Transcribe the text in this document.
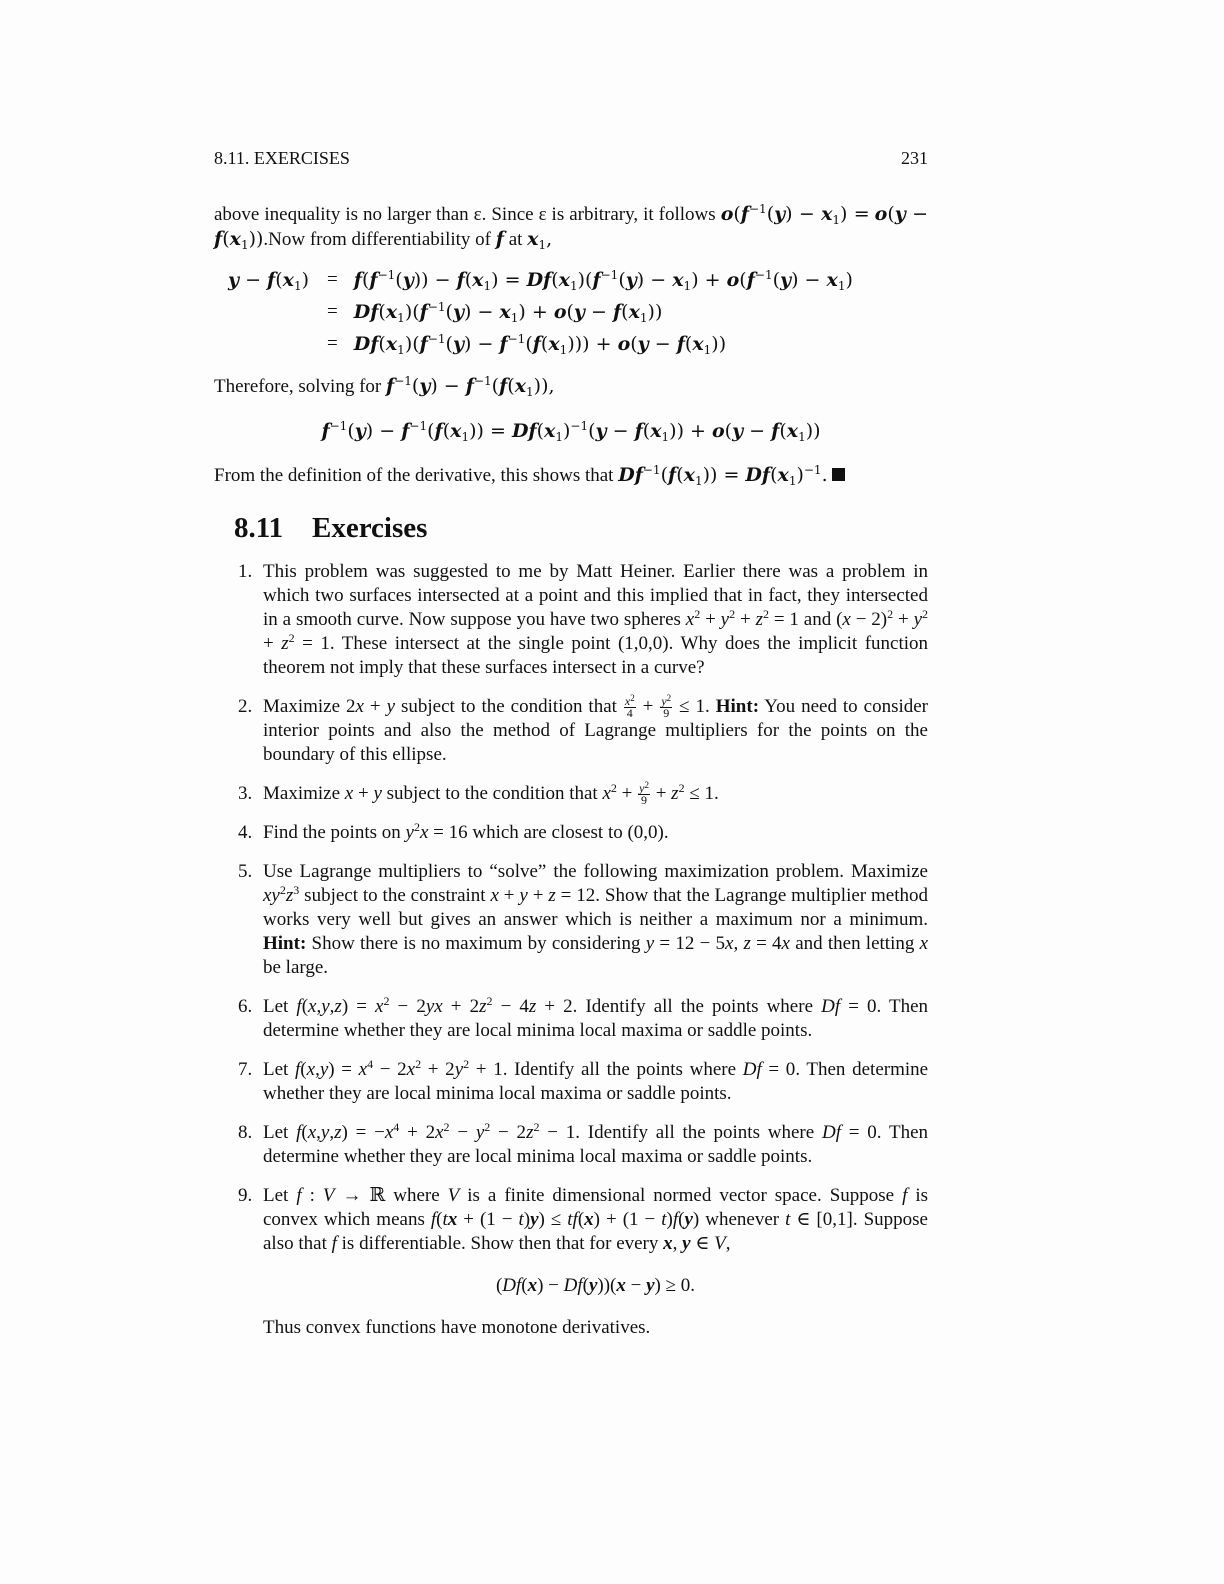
8.11. EXERCISES	231

above inequality is no larger than ε. Since ε is arbitrary, it follows $o(f^{-1}(y) - x_1) = o(y - f(x_1)).Now$ from differentiability of f at $x_1$,

$y - f(x_1)$	=	$f(f^{-1}(y)) - f(x_1) = Df(x_1)(f^{-1}(y) - x_1) + o(f^{-1}(y) - x_1)$
	=	$Df(x_1)(f^{-1}(y) - x_1) + o(y - f(x_1))$
	=	$Df(x_1)(f^{-1}(y) - f^{-1}(f(x_1))) + o(y - f(x_1))$

Therefore, solving for $f^{-1}(y) - f^{-1}(f(x_1))$,

$f^{-1}(y) - f^{-1}(f(x_1)) = Df(x_1)^{-1}(y - f(x_1)) + o(y - f(x_1))$

From the definition of the derivative, this shows that $Df^{-1}(f(x_1)) = Df(x_1)^{-1}$.

8.11 Exercises
1. This problem was suggested to me by Matt Heiner. Earlier there was a problem in which two surfaces intersected at a point and this implied that in fact, they intersected in a smooth curve. Now suppose you have two spheres $x^2 + y^2 + z^2 = 1$ and $(x - 2)^2 + y^2 + z^2 = 1$. These intersect at the single point (1,0,0). Why does the implicit function theorem not imply that these surfaces intersect in a curve?
2. Maximize 2x + y subject to the condition that $\frac{x^2}{4} + \frac{y^2}{9} \le 1$. Hint: You need to consider interior points and also the method of Lagrange multipliers for the points on the boundary of this ellipse.
3. Maximize x + y subject to the condition that $x^2 + \frac{y^2}{9} + z^2 \le 1$.
4. Find the points on $y^2x = 16$ which are closest to (0,0).
5. Use Lagrange multipliers to “solve” the following maximization problem. Maximize $xy^2z^3$ subject to the constraint x + y + z = 12. Show that the Lagrange multiplier method works very well but gives an answer which is neither a maximum nor a minimum. Hint: Show there is no maximum by considering y = 12 − 5x, z = 4x and then letting x be large.
6. Let $f(x,y,z) = x^2 - 2yx + 2z^2 - 4z + 2$. Identify all the points where Df = 0. Then determine whether they are local minima local maxima or saddle points.
7. Let $f(x,y) = x^4 - 2x^2 + 2y^2 + 1$. Identify all the points where Df = 0. Then determine whether they are local minima local maxima or saddle points.
8. Let $f(x,y,z) = -x^4 + 2x^2 - y^2 - 2z^2 - 1$. Identify all the points where Df = 0. Then determine whether they are local minima local maxima or saddle points.
9. Let f : V → ℝ where V is a finite dimensional normed vector space. Suppose f is convex which means f(tx + (1 − t)y) ≤ tf(x) + (1 − t)f(y) whenever t ∈ [0,1]. Suppose also that f is differentiable. Show then that for every x, y ∈ V,
(Df(x) − Df(y))(x − y) ≥ 0.
Thus convex functions have monotone derivatives.
